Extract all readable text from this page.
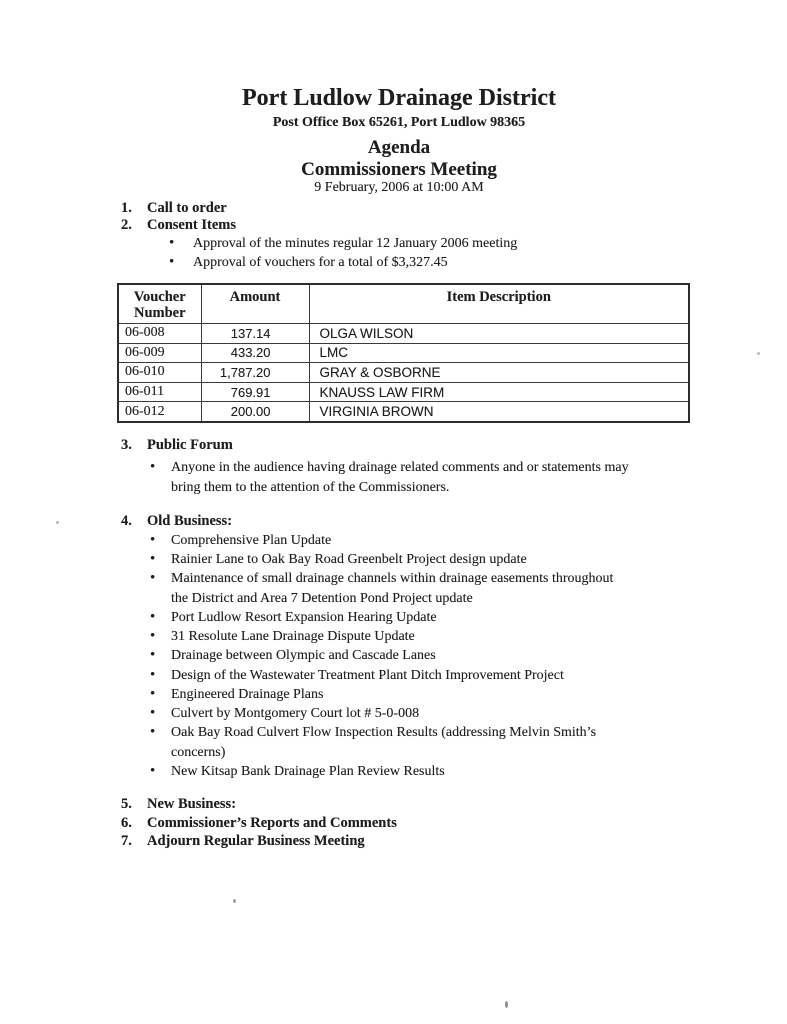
Port Ludlow Drainage District
Post Office Box 65261, Port Ludlow 98365
Agenda
Commissioners Meeting
9 February, 2006 at 10:00 AM
1. Call to order
2. Consent Items
•	Approval of the minutes regular 12 January 2006 meeting
•	Approval of vouchers for a total of $3,327.45
Voucher Number	Amount	Item Description
06-008	137.14	OLGA WILSON
06-009	433.20	LMC
06-010	1,787.20	GRAY & OSBORNE
06-011	769.91	KNAUSS LAW FIRM
06-012	200.00	VIRGINIA BROWN
3. Public Forum
•	Anyone in the audience having drainage related comments and or statements may
bring them to the attention of the Commissioners.
4. Old Business:
•	Comprehensive Plan Update
•	Rainier Lane to Oak Bay Road Greenbelt Project design update
•	Maintenance of small drainage channels within drainage easements throughout
the District and Area 7 Detention Pond Project update
•	Port Ludlow Resort Expansion Hearing Update
•	31 Resolute Lane Drainage Dispute Update
•	Drainage between Olympic and Cascade Lanes
•	Design of the Wastewater Treatment Plant Ditch Improvement Project
•	Engineered Drainage Plans
•	Culvert by Montgomery Court lot # 5-0-008
•	Oak Bay Road Culvert Flow Inspection Results (addressing Melvin Smith’s
concerns)
•	New Kitsap Bank Drainage Plan Review Results
5. New Business:
6. Commissioner’s Reports and Comments
7. Adjourn Regular Business Meeting
